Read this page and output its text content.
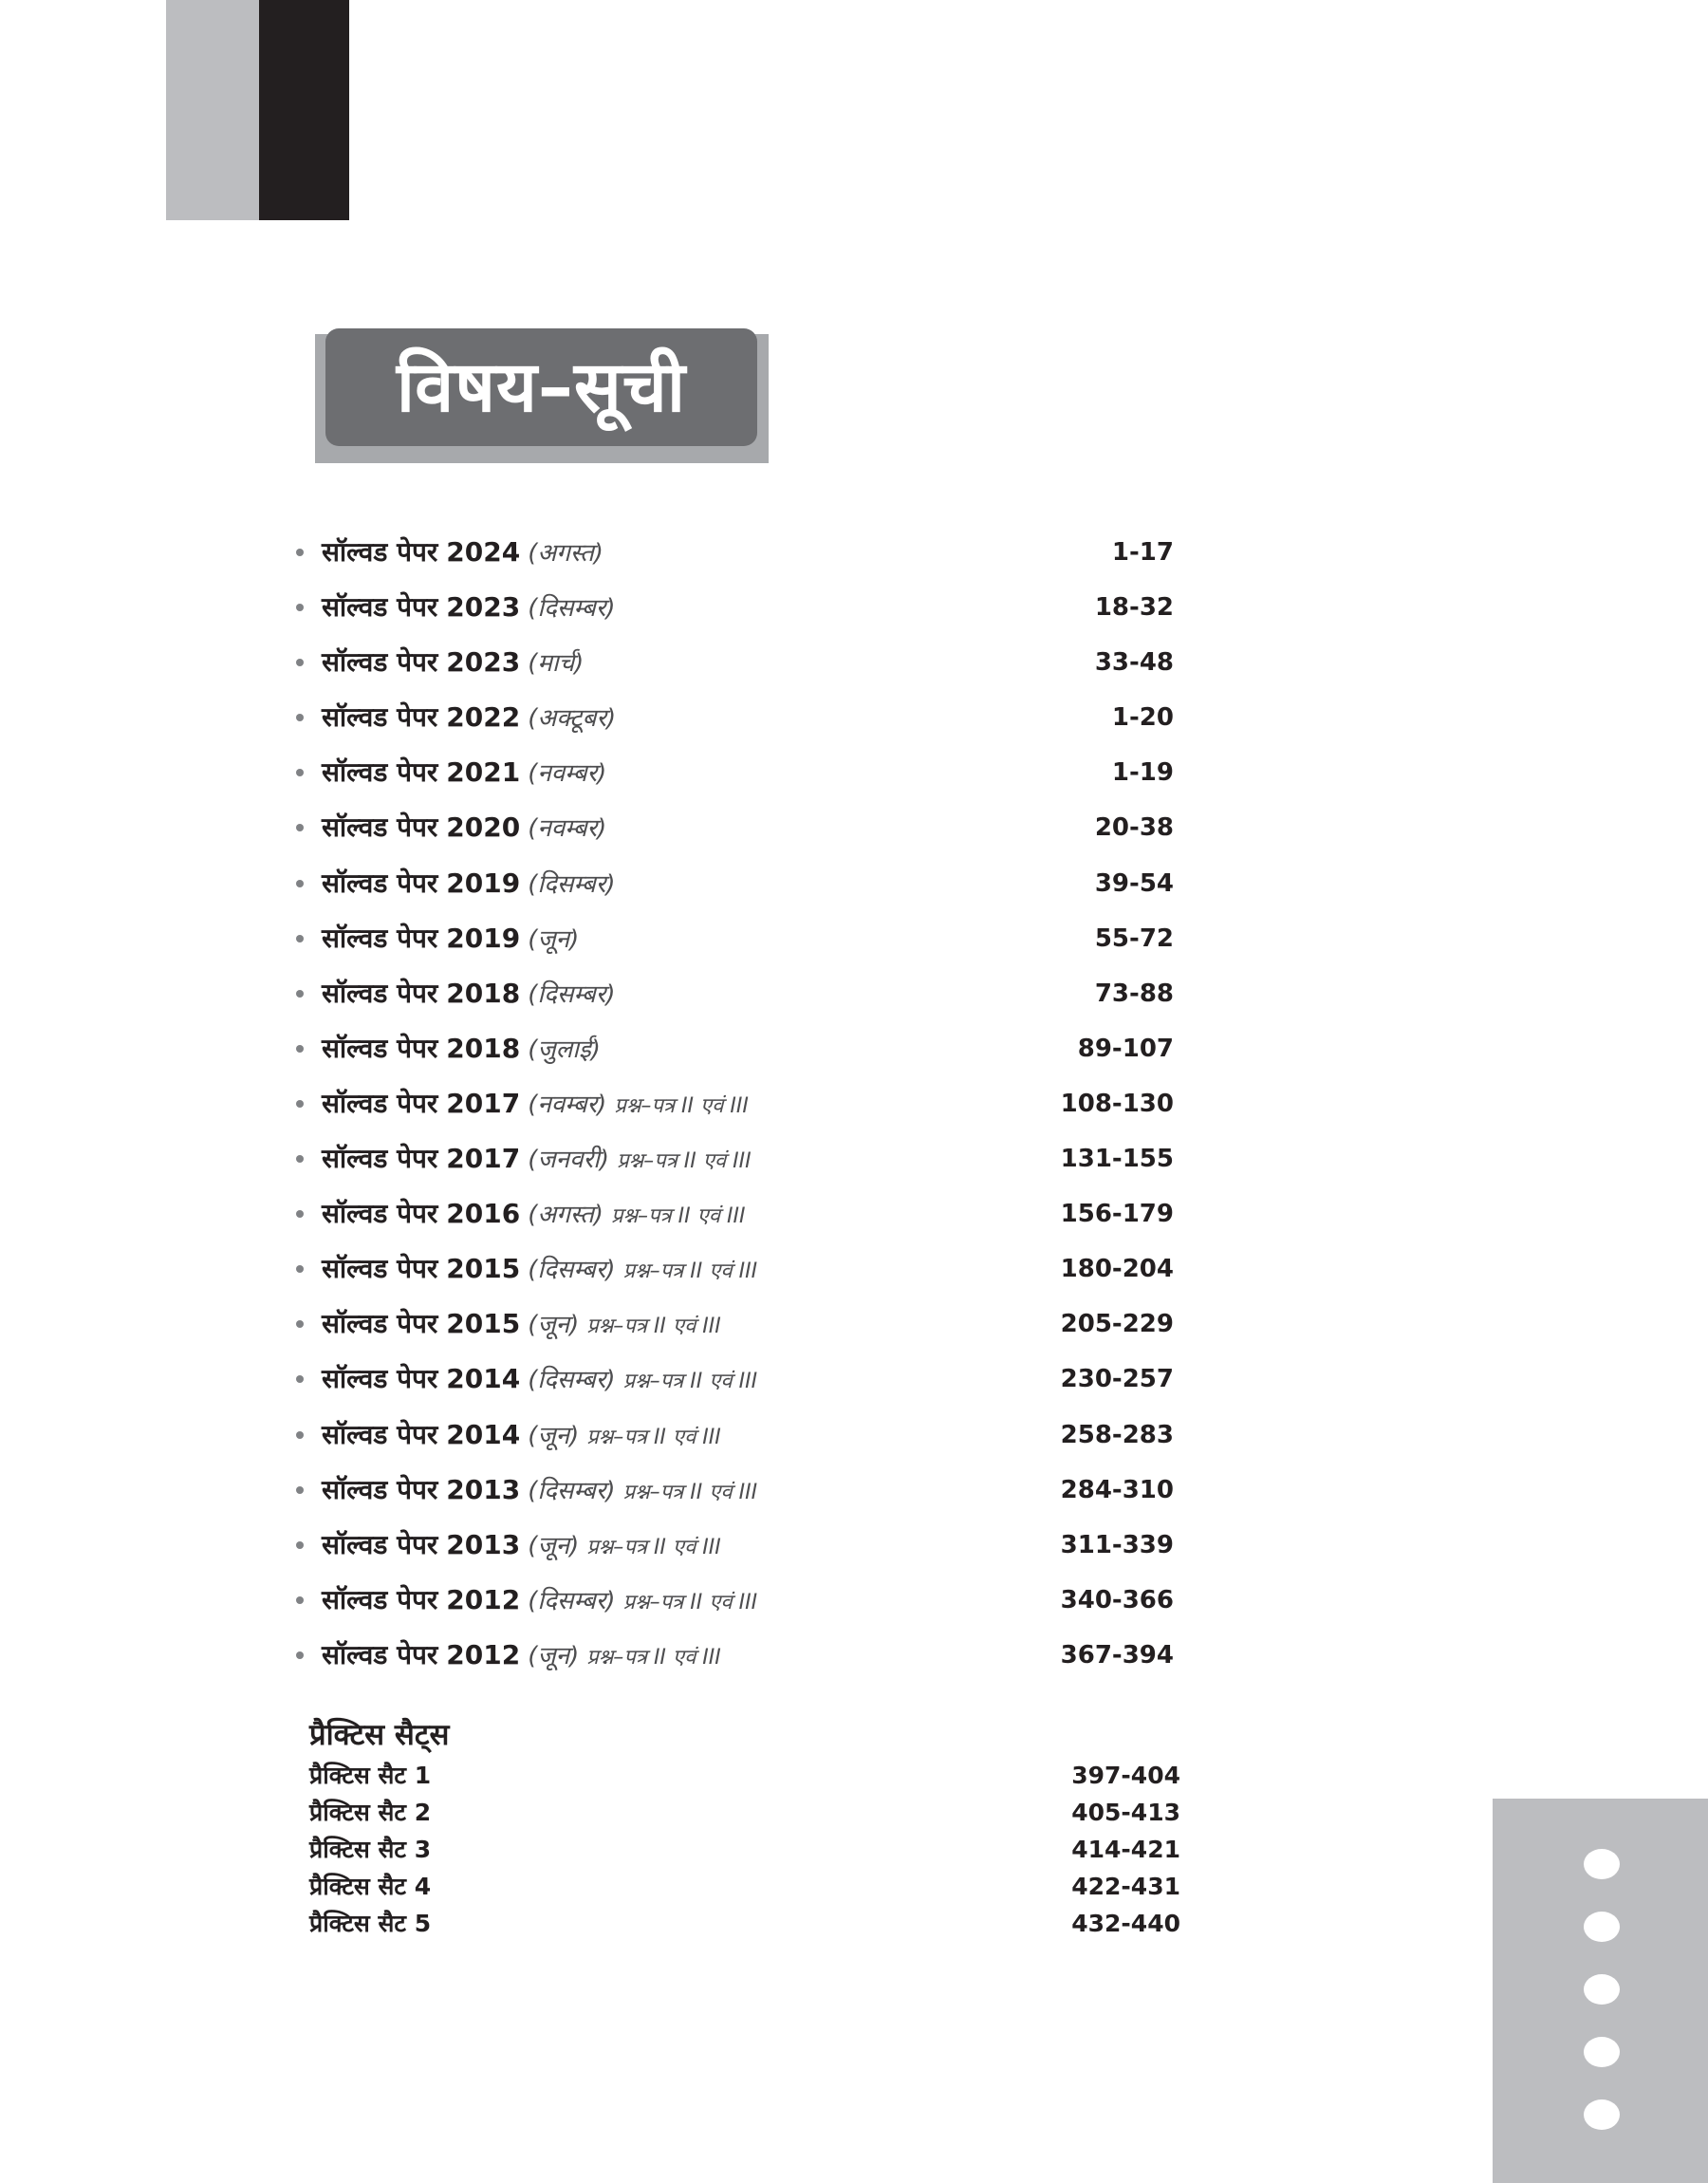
विषय–सूची
सॉल्वड पेपर 2024 (अगस्त)	1-17
सॉल्वड पेपर 2023 (दिसम्बर)	18-32
सॉल्वड पेपर 2023 (मार्च)	33-48
सॉल्वड पेपर 2022 (अक्टूबर)	1-20
सॉल्वड पेपर 2021 (नवम्बर)	1-19
सॉल्वड पेपर 2020 (नवम्बर)	20-38
सॉल्वड पेपर 2019 (दिसम्बर)	39-54
सॉल्वड पेपर 2019 (जून)	55-72
सॉल्वड पेपर 2018 (दिसम्बर)	73-88
सॉल्वड पेपर 2018 (जुलाई)	89-107
सॉल्वड पेपर 2017 (नवम्बर) प्रश्न–पत्र II एवं III	108-130
सॉल्वड पेपर 2017 (जनवरी) प्रश्न–पत्र II एवं III	131-155
सॉल्वड पेपर 2016 (अगस्त) प्रश्न–पत्र II एवं III	156-179
सॉल्वड पेपर 2015 (दिसम्बर) प्रश्न–पत्र II एवं III	180-204
सॉल्वड पेपर 2015 (जून) प्रश्न–पत्र II एवं III	205-229
सॉल्वड पेपर 2014 (दिसम्बर) प्रश्न–पत्र II एवं III	230-257
सॉल्वड पेपर 2014 (जून) प्रश्न–पत्र II एवं III	258-283
सॉल्वड पेपर 2013 (दिसम्बर) प्रश्न–पत्र II एवं III	284-310
सॉल्वड पेपर 2013 (जून) प्रश्न–पत्र II एवं III	311-339
सॉल्वड पेपर 2012 (दिसम्बर) प्रश्न–पत्र II एवं III	340-366
सॉल्वड पेपर 2012 (जून) प्रश्न–पत्र II एवं III	367-394
प्रैक्टिस सैट्स
प्रैक्टिस सैट 1	397-404
प्रैक्टिस सैट 2	405-413
प्रैक्टिस सैट 3	414-421
प्रैक्टिस सैट 4	422-431
प्रैक्टिस सैट 5	432-440
